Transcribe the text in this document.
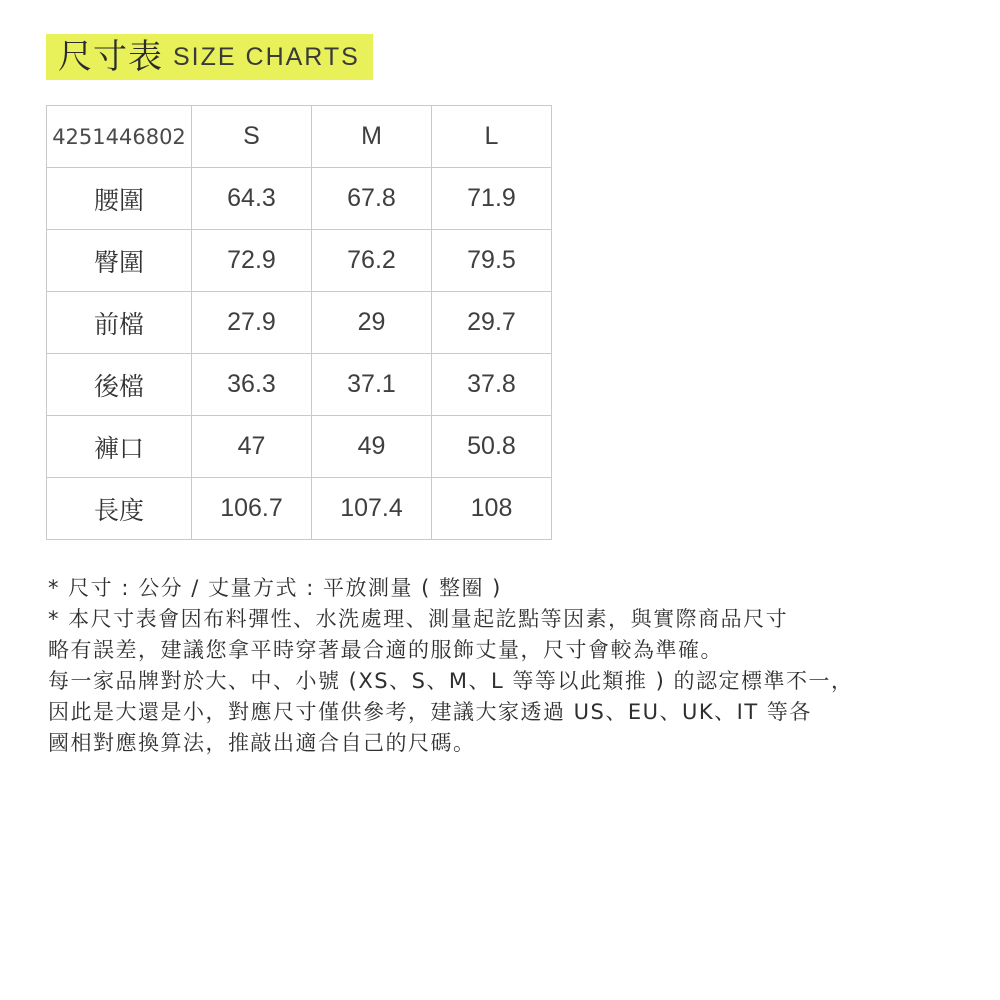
尺寸表 SIZE CHARTS
4251446802	S	M	L
腰圍	64.3	67.8	71.9
臀圍	72.9	76.2	79.5
前檔	27.9	29	29.7
後檔	36.3	37.1	37.8
褲口	47	49	50.8
長度	106.7	107.4	108

* 尺寸 : 公分 / 丈量方式 : 平放測量 ( 整圈 )

* 本尺寸表會因布料彈性、水洗處理、測量起訖點等因素，與實際商品尺寸

略有誤差，建議您拿平時穿著最合適的服飾丈量，尺寸會較為準確。

每一家品牌對於大、中、小號 (XS、S、M、L 等等以此類推 ) 的認定標準不一，

因此是大還是小，對應尺寸僅供參考，建議大家透過 US、EU、UK、IT 等各

國相對應換算法，推敲出適合自己的尺碼。
